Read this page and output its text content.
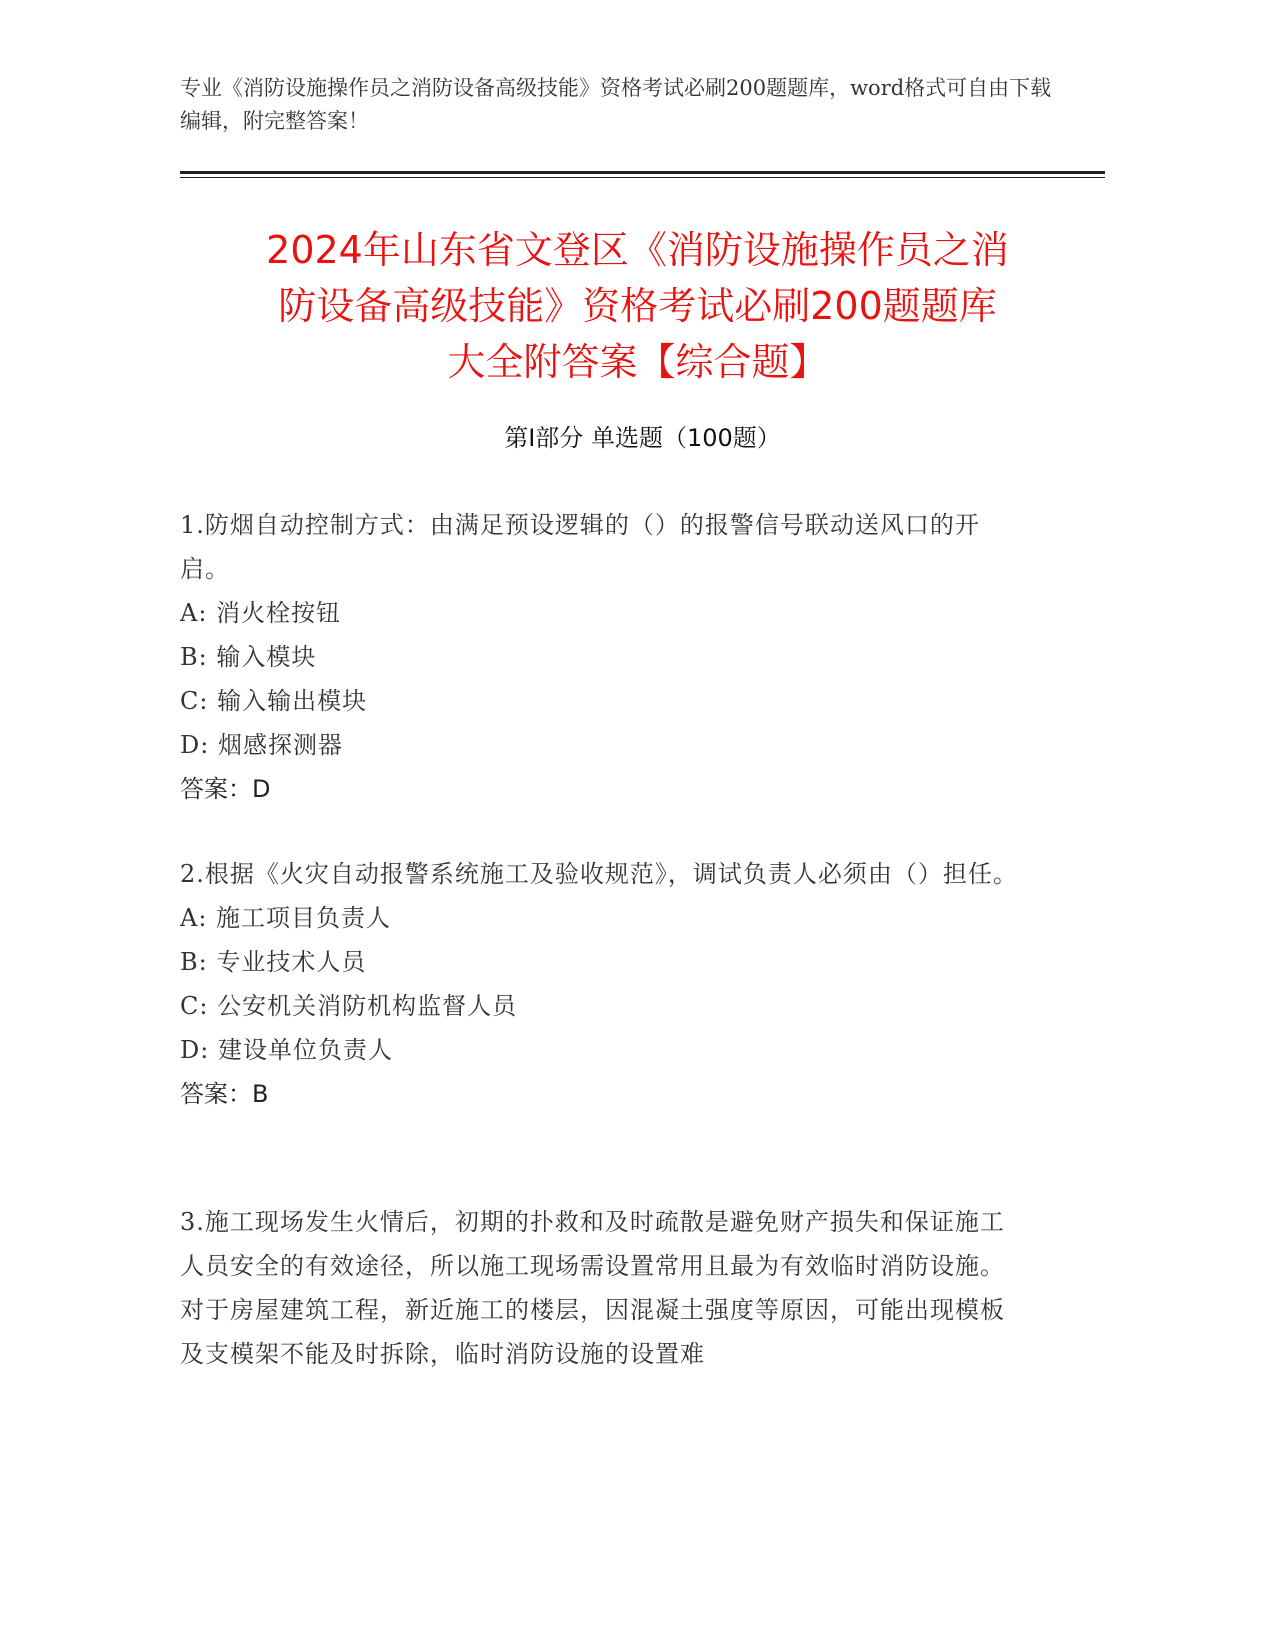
专业《消防设施操作员之消防设备高级技能》资格考试必刷200题题库，word格式可自由下载编辑，附完整答案！
2024年山东省文登区《消防设施操作员之消
防设备高级技能》资格考试必刷200题题库
大全附答案【综合题】
第Ⅰ部分 单选题（100题）
1.防烟自动控制方式：由满足预设逻辑的（）的报警信号联动送风口的开启。
A: 消火栓按钮
B: 输入模块
C: 输入输出模块
D: 烟感探测器
答案：D
2.根据《火灾自动报警系统施工及验收规范》，调试负责人必须由（）担任。
A: 施工项目负责人
B: 专业技术人员
C: 公安机关消防机构监督人员
D: 建设单位负责人
答案：B
3.施工现场发生火情后，初期的扑救和及时疏散是避免财产损失和保证施工人员安全的有效途径，所以施工现场需设置常用且最为有效临时消防设施。对于房屋建筑工程，新近施工的楼层，因混凝土强度等原因，可能出现模板及支模架不能及时拆除，临时消防设施的设置难
